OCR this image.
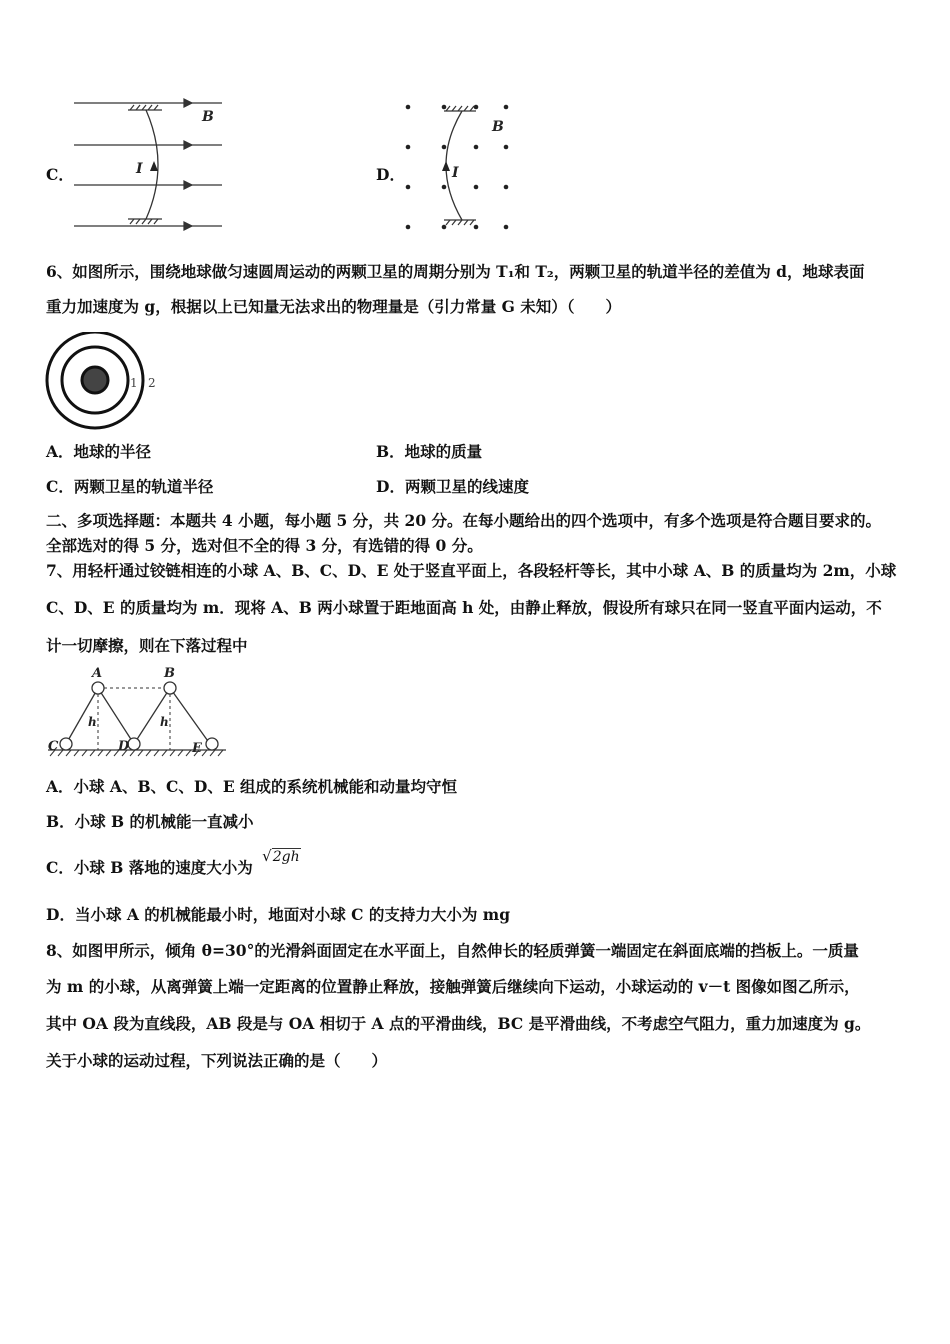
C．
B
I	D．
B
I
6、如图所示，围绕地球做匀速圆周运动的两颗卫星的周期分别为 T₁和 T₂，两颗卫星的轨道半径的差值为 d，地球表面
重力加速度为 g，根据以上已知量无法求出的物理量是（引力常量 G 未知）（　　）
1 2
A．地球的半径	B．地球的质量
C．两颗卫星的轨道半径	D．两颗卫星的线速度
二、多项选择题：本题共 4 小题，每小题 5 分，共 20 分。在每小题给出的四个选项中，有多个选项是符合题目要求的。
全部选对的得 5 分，选对但不全的得 3 分，有选错的得 0 分。
7、用轻杆通过铰链相连的小球 A、B、C、D、E 处于竖直平面上，各段轻杆等长，其中小球 A、B 的质量均为 2m，小球
C、D、E 的质量均为 m．现将 A、B 两小球置于距地面高 h 处，由静止释放，假设所有球只在同一竖直平面内运动，不
计一切摩擦，则在下落过程中
A	B
C	D	E
h	h
A．小球 A、B、C、D、E 组成的系统机械能和动量均守恒
B．小球 B 的机械能一直减小
C．小球 B 落地的速度大小为 √2gh
D．当小球 A 的机械能最小时，地面对小球 C 的支持力大小为 mg
8、如图甲所示，倾角 θ=30°的光滑斜面固定在水平面上，自然伸长的轻质弹簧一端固定在斜面底端的挡板上。一质量
为 m 的小球，从离弹簧上端一定距离的位置静止释放，接触弹簧后继续向下运动，小球运动的 v－t 图像如图乙所示，
其中 OA 段为直线段，AB 段是与 OA 相切于 A 点的平滑曲线，BC 是平滑曲线，不考虑空气阻力，重力加速度为 g。
关于小球的运动过程，下列说法正确的是（　　）
